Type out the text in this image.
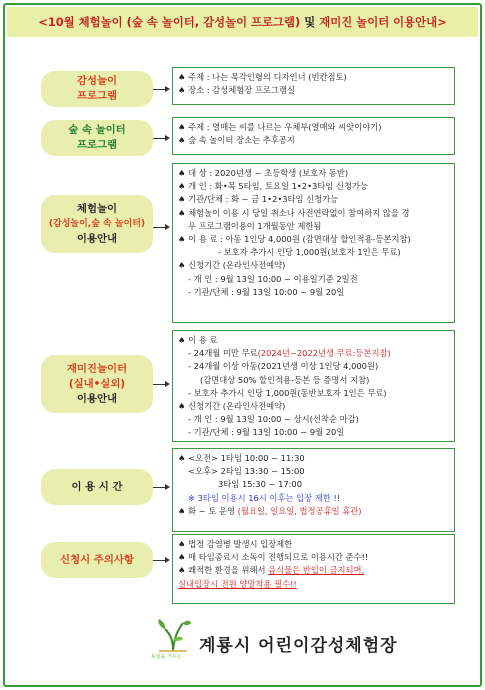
< 10월
체험놀이 (숲 속 놀이터, 감성놀이 프로그램)
및
재미진 놀이터 이용안내 >
감성놀이
프로그램
♠ 주제 : 나는 목각인형의 디자인너 (빈칸점토)
♠ 장소 : 감성체험장 프로그램실
숲 속 놀이터
프로그램
♠ 주제 : 열매는 씨를 나르는 우체부(열매와 씨앗이야기)
♠ 숲 속 놀이터 장소는 추후공지
체험놀이
(감성놀이,숲 속 놀이터)
이용안내
♠ 대 상 : 2020년생 ~ 초등학생 (보호자 동반)
♠ 개 인 : 화•목 5타임, 토요일 1•2•3타임 신청가능
♠ 기관/단체 : 화 ~ 금 1•2•3타임 신청가능
♠ 체험놀이 이용 시 당일 취소나 사전연락없이 참여하지 않을 경
우 프로그램이용이 1개월동안 제한됨
♠ 이 용 료 : 아동 1인당 4,000원 (감면대상 할인적용-등본지참)
- 보호자 추가시 인당 1,000원(보호자 1인은 무료)
♠ 신청기간 (온라인사전예약)
- 개 인 : 9월 13일 10:00 ~ 이용일기준 2일전
- 기관/단체 : 9월 13일 10:00 ~ 9월 20일
재미진놀이터
(실내•실외)
이용안내
♠ 이 용 료
- 24개월 미만 무료(2024년~2022년생 무료:등본지참)
- 24개월 이상 아동(2021년생 이상 1인당 4,000원)
(감면대상 50% 할인적용-등본 등 증명서 지참)
- 보호자 추가시 인당 1,000원(동반보호자 1인은 무료)
♠ 신청기간 (온라인사전예약)
- 개 인 : 9월 13일 10:00 ~ 상시(선착순 마감)
- 기관/단체 : 9월 13일 10:00 ~ 9월 20일
이 용 시 간
♠ <오전> 1타임 10:00 ~ 11:30
<오후> 2타임 13:30 ~ 15:00
3타임 15:30 ~ 17:00
※ 3타임 이용시 16시 이후는 입장 제한 !!
♠ 화 ~ 토 운영 (월요일, 일요일, 법정공휴일 휴관)
신청시 주의사항
♠ 법정 감염병 발생시 입장제한
♠ 매 타임종료시 소독이 진행되므로 이용시간 준수!!
♠ 쾌적한 환경을 위해서 음식물은 반입이 금지되며,
실내입장시 전원 양말착용 필수!!
동심을 키우는
계룡시 어린이감성체험장
